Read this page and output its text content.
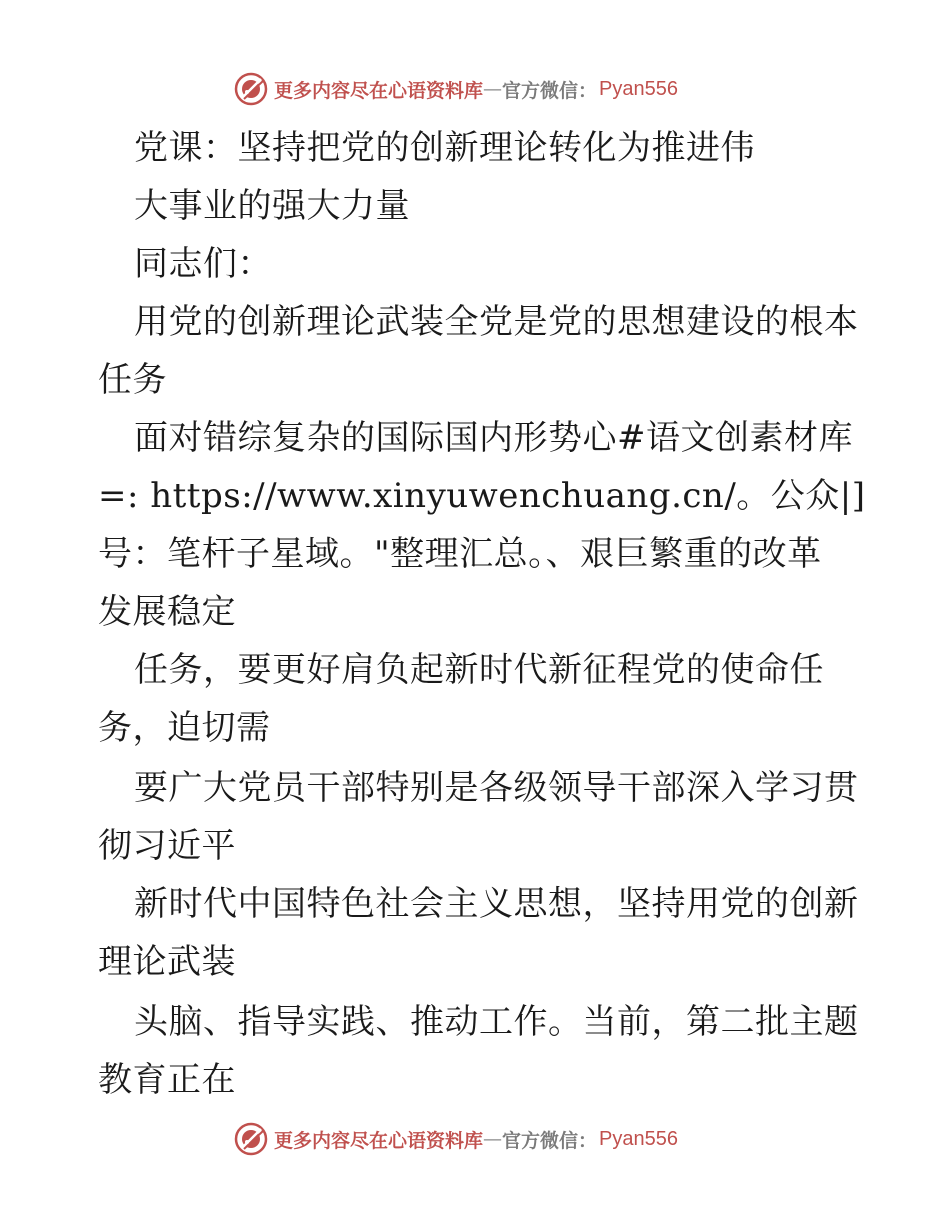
更多内容尽在心语资料库 — 官方微信： Pyan556
党课：坚持把党的创新理论转化为推进伟
大事业的强大力量
同志们：
用党的创新理论武装全党是党的思想建设的根本
任务
面对错综复杂的国际国内形势心#语文创素材库
=: https://www.xinyuwenchuang.cn/。公众|]
号：笔杆子星域。"整理汇总。、艰巨繁重的改革
发展稳定
任务，要更好肩负起新时代新征程党的使命任
务，迫切需
要广大党员干部特别是各级领导干部深入学习贯
彻习近平
新时代中国特色社会主义思想，坚持用党的创新
理论武装
头脑、指导实践、推动工作。当前，第二批主题
教育正在
更多内容尽在心语资料库 — 官方微信： Pyan556
